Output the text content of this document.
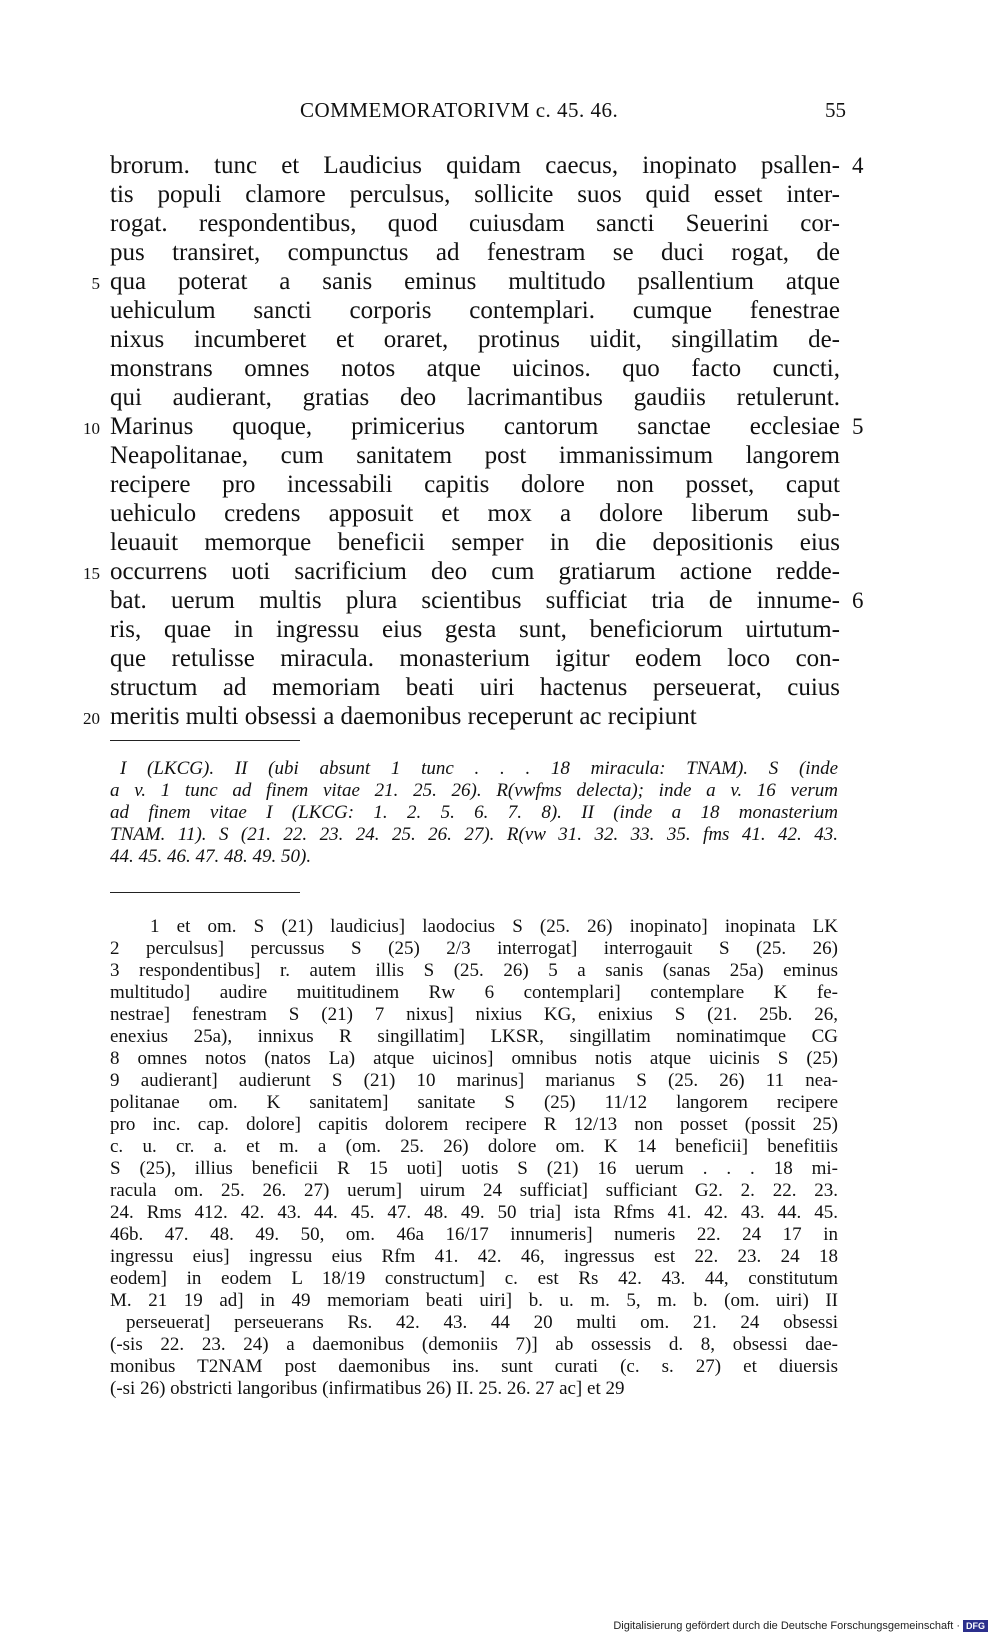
COMMEMORATORIVM c. 45. 46.	55
brorum. tunc et Laudicius quidam caecus, inopinato psallen- 4
tis populi clamore perculsus, sollicite suos quid esset inter-
rogat. respondentibus, quod cuiusdam sancti Seuerini cor-
pus transiret, compunctus ad fenestram se duci rogat, de
qua poterat a sanis eminus multitudo psallentium atque
5
uehiculum sancti corporis contemplari. cumque fenestrae
nixus incumberet et oraret, protinus uidit, singillatim de-
monstrans omnes notos atque uicinos. quo facto cuncti,
qui audierant, gratias deo lacrimantibus gaudiis retulerunt.
Marinus quoque, primicerius cantorum sanctae ecclesiae
10	5
Neapolitanae, cum sanitatem post immanissimum langorem
recipere pro incessabili capitis dolore non posset, caput
uehiculo credens apposuit et mox a dolore liberum sub-
leuauit memorque beneficii semper in die depositionis eius
occurrens uoti sacrificium deo cum gratiarum actione redde-
15
bat. uerum multis plura scientibus sufficiat tria de innume- 6
ris, quae in ingressu eius gesta sunt, beneficiorum uirtutum-
que retulisse miracula. monasterium igitur eodem loco con-
structum ad memoriam beati uiri hactenus perseuerat, cuius
meritis multi obsessi a daemonibus receperunt ac recipiunt
20
I (LKCG). II (ubi absunt 1 tunc . . . 18 miracula: TNAM). S (inde
a v. 1 tunc ad finem vitae 21. 25. 26). R(vwfms delecta); inde a v. 16 verum
ad finem vitae I (LKCG: 1. 2. 5. 6. 7. 8). II (inde a 18 monasterium
TNAM. 11). S (21. 22. 23. 24. 25. 26. 27). R(vw 31. 32. 33. 35. fms 41. 42. 43.
44. 45. 46. 47. 48. 49. 50).
1 et om. S (21) laudicius] laodocius S (25. 26) inopinato] inopinata LK
2 perculsus] percussus S (25) 2/3 interrogat] interrogauit S (25. 26)
3 respondentibus] r. autem illis S (25. 26) 5 a sanis (sanas 25a) eminus
multitudo] audire muititudinem Rw 6 contemplari] contemplare K fe-
nestrae] fenestram S (21) 7 nixus] nixius KG, enixius S (21. 25b. 26,
enexius 25a), innixus R singillatim] LKSR, singillatim nominatimque CG
8 omnes notos (natos La) atque uicinos] omnibus notis atque uicinis S (25)
9 audierant] audierunt S (21) 10 marinus] marianus S (25. 26) 11 nea-
politanae om. K sanitatem] sanitate S (25) 11/12 langorem recipere
pro inc. cap. dolore] capitis dolorem recipere R 12/13 non posset (possit 25)
c. u. cr. a. et m. a (om. 25. 26) dolore om. K 14 beneficii] benefitiis
S (25), illius beneficii R 15 uoti] uotis S (21) 16 uerum . . . 18 mi-
racula om. 25. 26. 27) uerum] uirum 24 sufficiat] sufficiant G2. 2. 22. 23.
24. Rms 412. 42. 43. 44. 45. 47. 48. 49. 50 tria] ista Rfms 41. 42. 43. 44. 45.
46b. 47. 48. 49. 50, om. 46a 16/17 innumeris] numeris 22. 24 17 in
ingressu eius] ingressu eius Rfm 41. 42. 46, ingressus est 22. 23. 24 18
eodem] in eodem L 18/19 constructum] c. est Rs 42. 43. 44, constitutum
M. 21 19 ad] in 49 memoriam beati uiri] b. u. m. 5, m. b. (om. uiri) II
perseuerat] perseuerans Rs. 42. 43. 44 20 multi om. 21. 24 obsessi
(-sis 22. 23. 24) a daemonibus (demoniis 7)] ab ossessis d. 8, obsessi dae-
monibus T2NAM post daemonibus ins. sunt curati (c. s. 27) et diuersis
(-si 26) obstricti langoribus (infirmatibus 26) II. 25. 26. 27 ac] et 29
Digitalisierung gefördert durch die Deutsche Forschungsgemeinschaft · DFG
